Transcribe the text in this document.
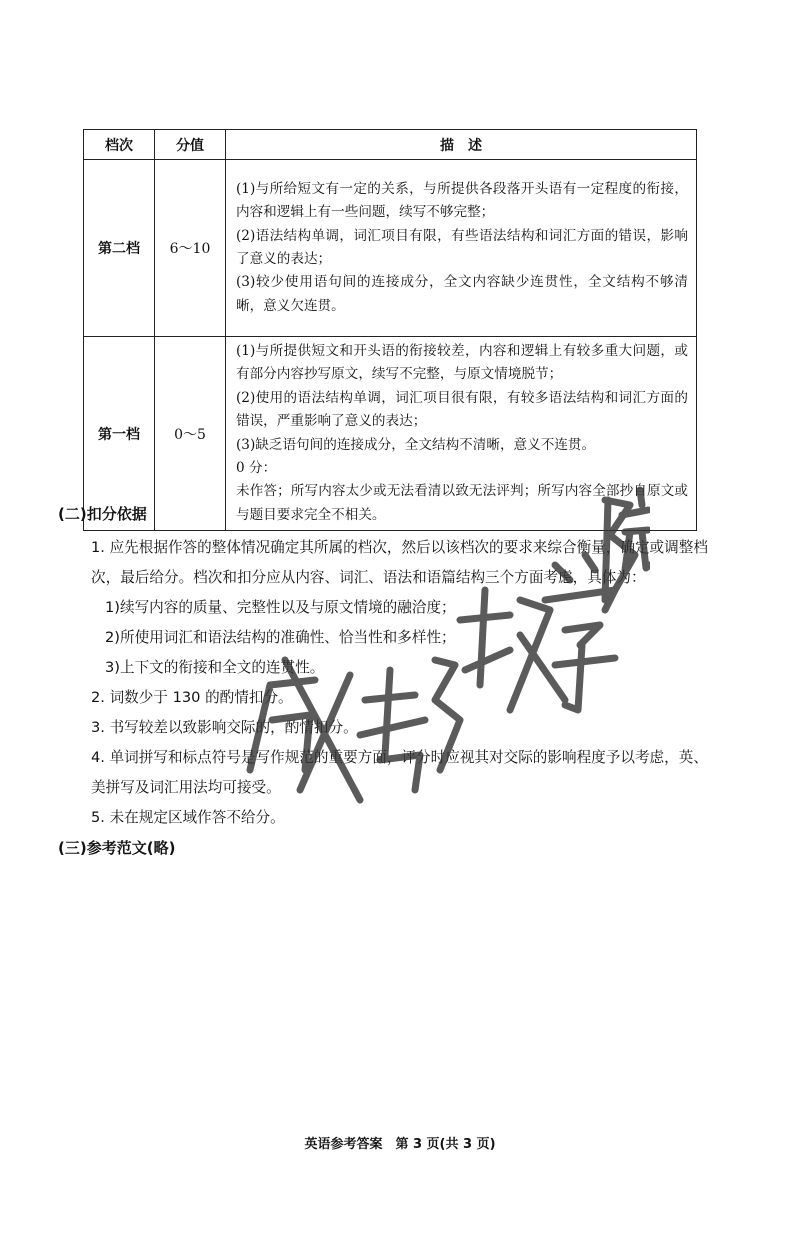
档次	分值	描　述
第二档	6～10	(1)与所给短文有一定的关系，与所提供各段落开头语有一定程度的衔接，内容和逻辑上有一些问题，续写不够完整；

(2)语法结构单调，词汇项目有限，有些语法结构和词汇方面的错误，影响了意义的表达；

(3)较少使用语句间的连接成分，全文内容缺少连贯性，全文结构不够清晰，意义欠连贯。

第一档	0～5	(1)与所提供短文和开头语的衔接较差，内容和逻辑上有较多重大问题，或有部分内容抄写原文，续写不完整，与原文情境脱节；

(2)使用的语法结构单调，词汇项目很有限，有较多语法结构和词汇方面的错误，严重影响了意义的表达；

(3)缺乏语句间的连接成分，全文结构不清晰，意义不连贯。

0 分：

未作答；所写内容太少或无法看清以致无法评判；所写内容全部抄自原文或与题目要求完全不相关。

(二)扣分依据

1. 应先根据作答的整体情况确定其所属的档次，然后以该档次的要求来综合衡量，确定或调整档次，最后给分。档次和扣分应从内容、词汇、语法和语篇结构三个方面考虑，具体为：

1)续写内容的质量、完整性以及与原文情境的融洽度；

2)所使用词汇和语法结构的准确性、恰当性和多样性；

3)上下文的衔接和全文的连贯性。

2. 词数少于 130 的酌情扣分。

3. 书写较差以致影响交际的，酌情扣分。

4. 单词拼写和标点符号是写作规范的重要方面，评分时应视其对交际的影响程度予以考虑，英、美拼写及词汇用法均可接受。

5. 未在规定区域作答不给分。

(三)参考范文(略)
英语参考答案　第 3 页(共 3 页)
